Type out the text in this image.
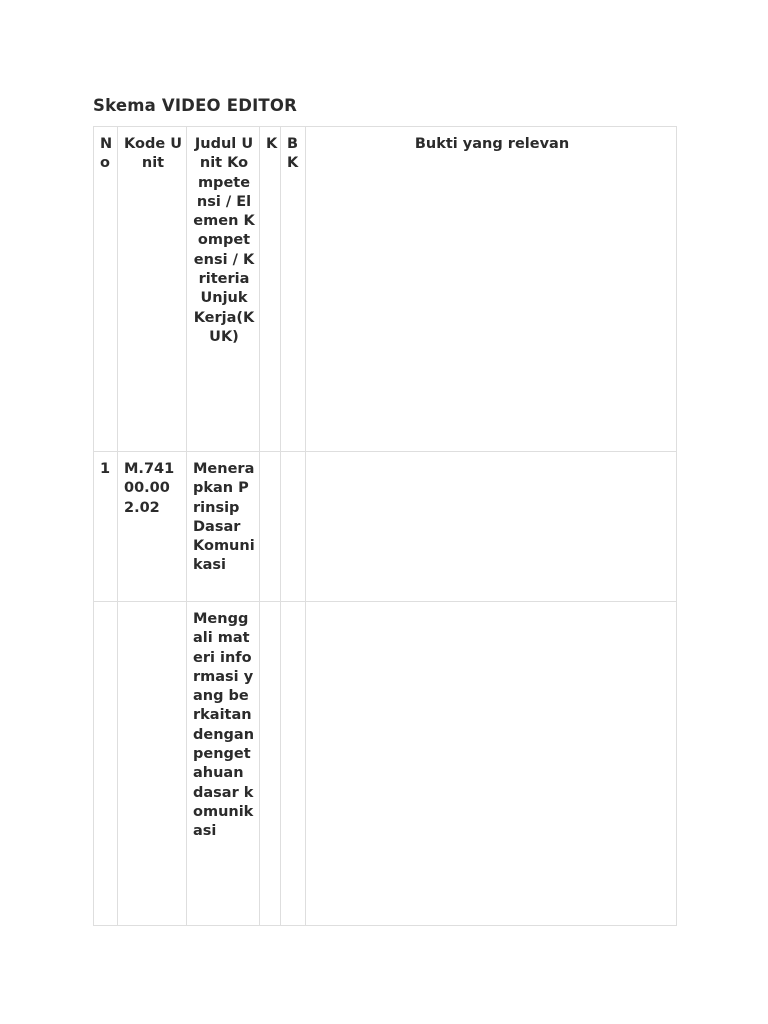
Skema VIDEO EDITOR
No	Kode Unit	Judul Unit Kompetensi / Elemen Kompetensi / Kriteria Unjuk Kerja(KUK)	K	BK	Bukti yang relevan

1	M.74100.002.02	Menerapkan Prinsip Dasar Komunikasi			

		Menggali materi informasi yang berkaitan dengan pengetahuan dasar komunikasi			
